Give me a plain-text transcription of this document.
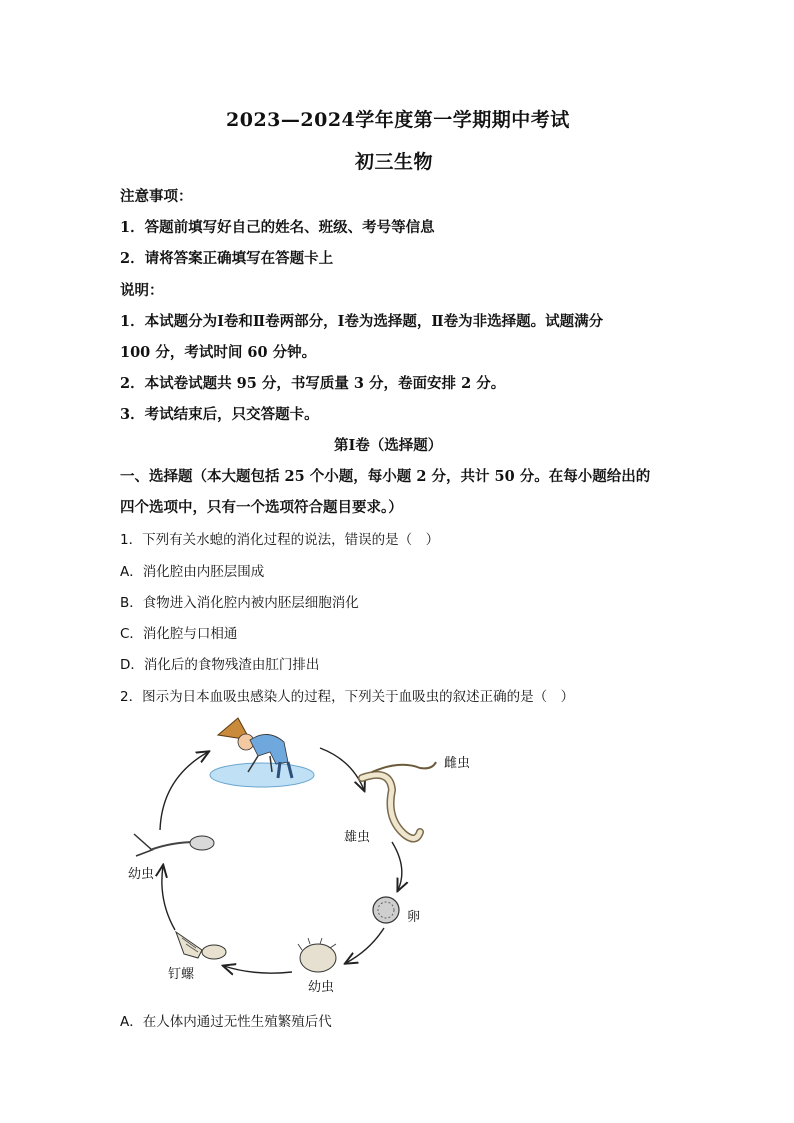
2023—2024学年度第一学期期中考试
初三生物
注意事项：
1．答题前填写好自己的姓名、班级、考号等信息
2．请将答案正确填写在答题卡上
说明：
1．本试题分为Ⅰ卷和Ⅱ卷两部分，Ⅰ卷为选择题，Ⅱ卷为非选择题。试题满分
100 分，考试时间 60 分钟。
2．本试卷试题共 95 分，书写质量 3 分，卷面安排 2 分。
3．考试结束后，只交答题卡。
第Ⅰ卷（选择题）
一、选择题（本大题包括 25 个小题，每小题 2 分，共计 50 分。在每小题给出的
四个选项中，只有一个选项符合题目要求。）
1．下列有关水螅的消化过程的说法，错误的是（　）
A．消化腔由内胚层围成
B．食物进入消化腔内被内胚层细胞消化
C．消化腔与口相通
D．消化后的食物残渣由肛门排出
2．图示为日本血吸虫感染人的过程，下列关于血吸虫的叙述正确的是（　）
雌虫
雄虫
卵
幼虫
钉螺
幼虫
A．在人体内通过无性生殖繁殖后代
